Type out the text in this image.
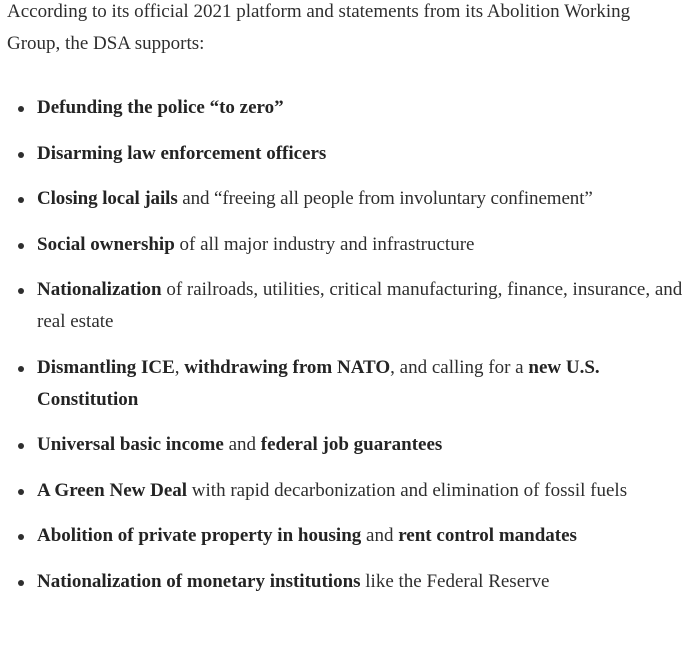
According to its official 2021 platform and statements from its Abolition Working Group, the DSA supports:

Defunding the police “to zero”
Disarming law enforcement officers
Closing local jails and “freeing all people from involuntary confinement”
Social ownership of all major industry and infrastructure
Nationalization of railroads, utilities, critical manufacturing, finance, insurance, and real estate
Dismantling ICE, withdrawing from NATO, and calling for a new U.S. Constitution
Universal basic income and federal job guarantees
A Green New Deal with rapid decarbonization and elimination of fossil fuels
Abolition of private property in housing and rent control mandates
Nationalization of monetary institutions like the Federal Reserve
